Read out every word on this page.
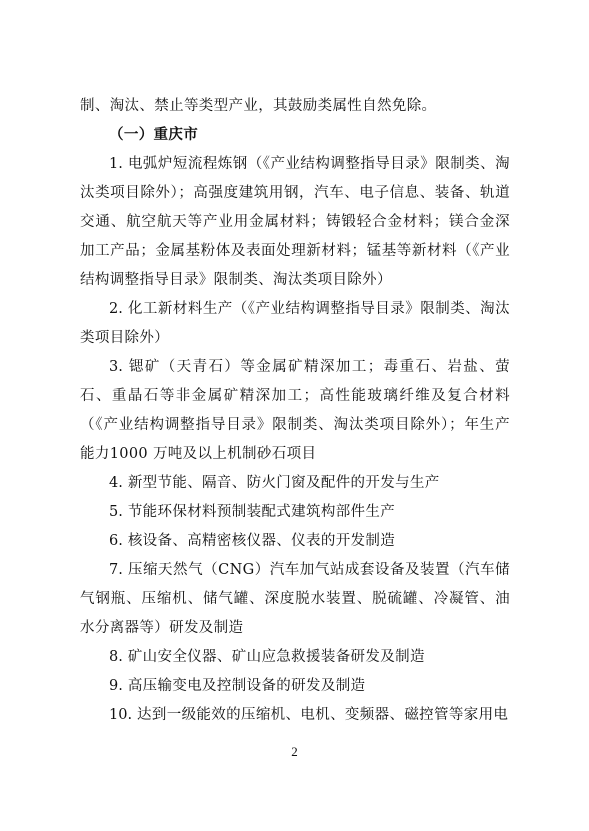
制、淘汰、禁止等类型产业，其鼓励类属性自然免除。

（一）重庆市

1. 电弧炉短流程炼钢（《产业结构调整指导目录》限制类、淘汰类项目除外）；高强度建筑用钢，汽车、电子信息、装备、轨道交通、航空航天等产业用金属材料；铸锻轻合金材料；镁合金深加工产品；金属基粉体及表面处理新材料；锰基等新材料（《产业结构调整指导目录》限制类、淘汰类项目除外）

2. 化工新材料生产（《产业结构调整指导目录》限制类、淘汰类项目除外）

3. 锶矿（天青石）等金属矿精深加工；毒重石、岩盐、萤石、重晶石等非金属矿精深加工；高性能玻璃纤维及复合材料（《产业结构调整指导目录》限制类、淘汰类项目除外）；年生产能力1000 万吨及以上机制砂石项目

4. 新型节能、隔音、防火门窗及配件的开发与生产

5. 节能环保材料预制装配式建筑构部件生产

6. 核设备、高精密核仪器、仪表的开发制造

7. 压缩天然气（CNG）汽车加气站成套设备及装置（汽车储气钢瓶、压缩机、储气罐、深度脱水装置、脱硫罐、冷凝管、油水分离器等）研发及制造

8. 矿山安全仪器、矿山应急救援装备研发及制造

9. 高压输变电及控制设备的研发及制造

10. 达到一级能效的压缩机、电机、变频器、磁控管等家用电

2
